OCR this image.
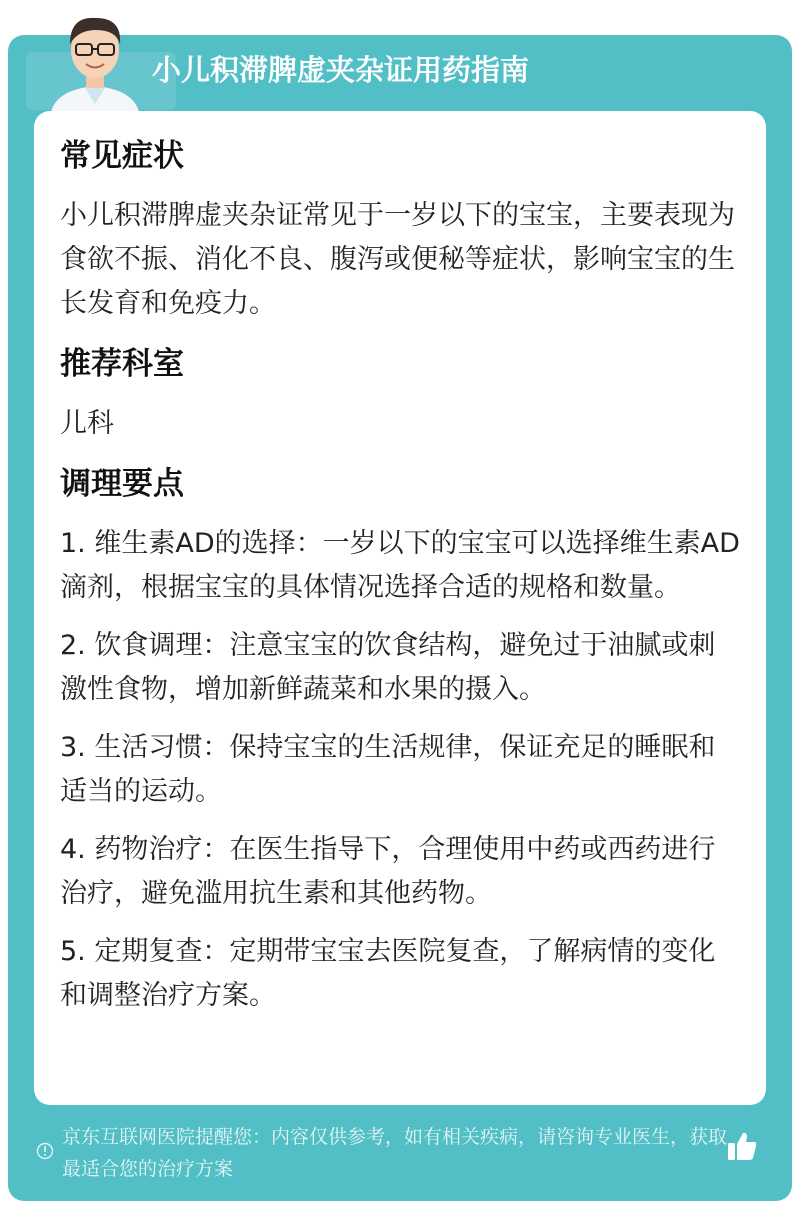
小儿积滞脾虚夹杂证用药指南
常见症状
小儿积滞脾虚夹杂证常见于一岁以下的宝宝，主要表现为食欲不振、消化不良、腹泻或便秘等症状，影响宝宝的生长发育和免疫力。
推荐科室
儿科
调理要点
1. 维生素AD的选择：一岁以下的宝宝可以选择维生素AD滴剂，根据宝宝的具体情况选择合适的规格和数量。
2. 饮食调理：注意宝宝的饮食结构，避免过于油腻或刺激性食物，增加新鲜蔬菜和水果的摄入。
3. 生活习惯：保持宝宝的生活规律，保证充足的睡眠和适当的运动。
4. 药物治疗：在医生指导下，合理使用中药或西药进行治疗，避免滥用抗生素和其他药物。
5. 定期复查：定期带宝宝去医院复查，了解病情的变化和调整治疗方案。
京东互联网医院提醒您：内容仅供参考，如有相关疾病，请咨询专业医生，获取最适合您的治疗方案
